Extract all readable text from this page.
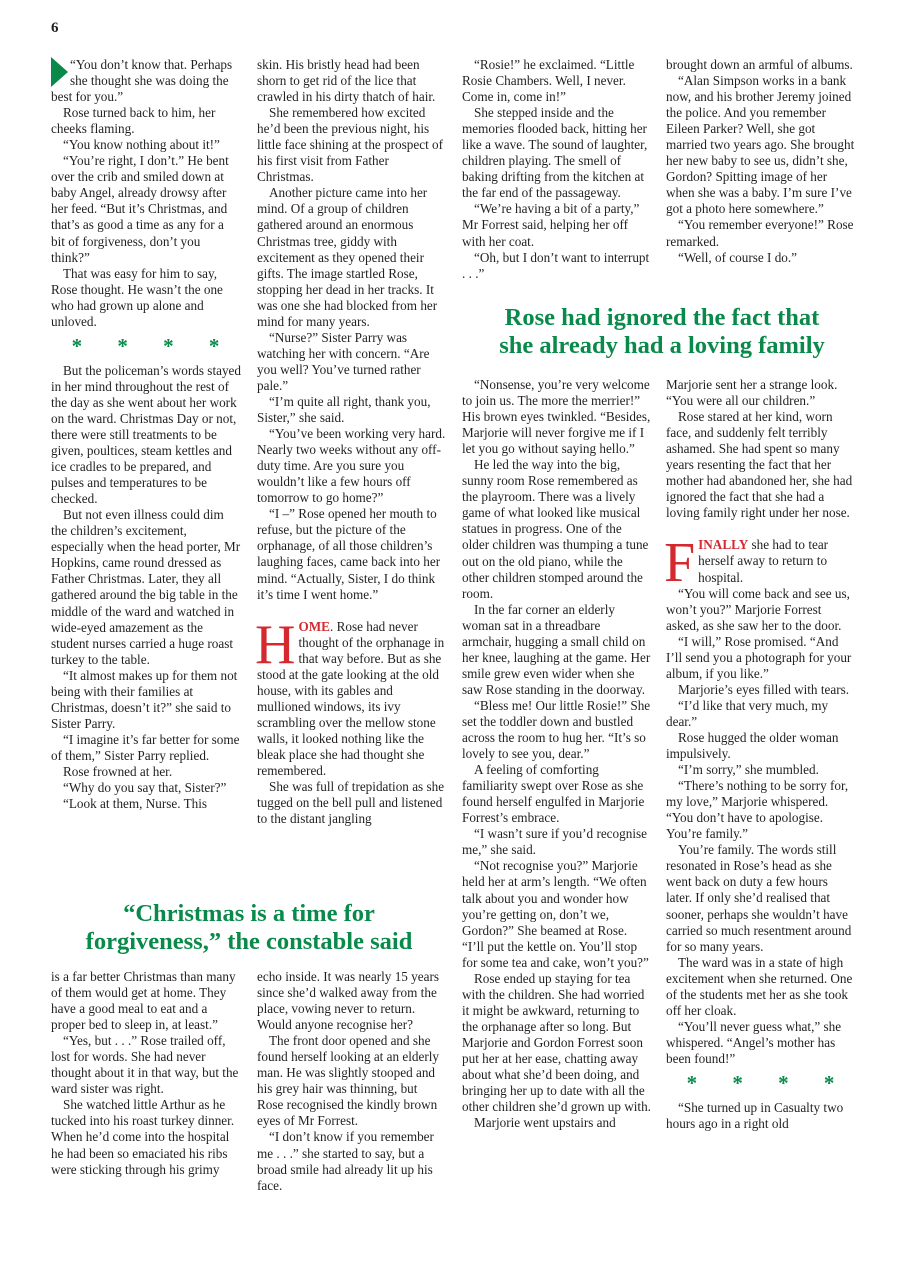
6

“You don’t know that. Perhaps she thought she was doing the best for you.”

Rose turned back to him, her cheeks flaming.

“You know nothing about it!”

“You’re right, I don’t.” He bent over the crib and smiled down at baby Angel, already drowsy after her feed. “But it’s Christmas, and that’s as good a time as any for a bit of forgiveness, don’t you think?”

That was easy for him to say, Rose thought. He wasn’t the one who had grown up alone and unloved.

* * * *

But the policeman’s words stayed in her mind throughout the rest of the day as she went about her work on the ward. Christmas Day or not, there were still treatments to be given, poultices, steam kettles and ice cradles to be prepared, and pulses and temperatures to be checked.

But not even illness could dim the children’s excitement, especially when the head porter, Mr Hopkins, came round dressed as Father Christmas. Later, they all gathered around the big table in the middle of the ward and watched in wide-eyed amazement as the student nurses carried a huge roast turkey to the table.

“It almost makes up for them not being with their families at Christmas, doesn’t it?” she said to Sister Parry.

“I imagine it’s far better for some of them,” Sister Parry replied.

Rose frowned at her.

“Why do you say that, Sister?”

“Look at them, Nurse. This

skin. His bristly head had been shorn to get rid of the lice that crawled in his dirty thatch of hair.

She remembered how excited he’d been the previous night, his little face shining at the prospect of his first visit from Father Christmas.

Another picture came into her mind. Of a group of children gathered around an enormous Christmas tree, giddy with excitement as they opened their gifts. The image startled Rose, stopping her dead in her tracks. It was one she had blocked from her mind for many years.

“Nurse?” Sister Parry was watching her with concern. “Are you well? You’ve turned rather pale.”

“I’m quite all right, thank you, Sister,” she said.

“You’ve been working very hard. Nearly two weeks without any off-duty time. Are you sure you wouldn’t like a few hours off tomorrow to go home?”

“I –” Rose opened her mouth to refuse, but the picture of the orphanage, of all those children’s laughing faces, came back into her mind. “Actually, Sister, I do think it’s time I went home.”

HOME. Rose had never thought of the orphanage in that way before. But as she stood at the gate looking at the old house, with its gables and mullioned windows, its ivy scrambling over the mellow stone walls, it looked nothing like the bleak place she had thought she remembered.

She was full of trepidation as she tugged on the bell pull and listened to the distant jangling

“Rosie!” he exclaimed. “Little Rosie Chambers. Well, I never. Come in, come in!”

She stepped inside and the memories flooded back, hitting her like a wave. The sound of laughter, children playing. The smell of baking drifting from the kitchen at the far end of the passageway.

“We’re having a bit of a party,” Mr Forrest said, helping her off with her coat.

“Oh, but I don’t want to interrupt . . .”

brought down an armful of albums.

“Alan Simpson works in a bank now, and his brother Jeremy joined the police. And you remember Eileen Parker? Well, she got married two years ago. She brought her new baby to see us, didn’t she, Gordon? Spitting image of her when she was a baby. I’m sure I’ve got a photo here somewhere.”

“You remember everyone!” Rose remarked.

“Well, of course I do.”

Rose had ignored the fact that
she already had a loving family

“Nonsense, you’re very welcome to join us. The more the merrier!” His brown eyes twinkled. “Besides, Marjorie will never forgive me if I let you go without saying hello.”

He led the way into the big, sunny room Rose remembered as the playroom. There was a lively game of what looked like musical statues in progress. One of the older children was thumping a tune out on the old piano, while the other children stomped around the room.

In the far corner an elderly woman sat in a threadbare armchair, hugging a small child on her knee, laughing at the game. Her smile grew even wider when she saw Rose standing in the doorway.

“Bless me! Our little Rosie!” She set the toddler down and bustled across the room to hug her. “It’s so lovely to see you, dear.”

A feeling of comforting familiarity swept over Rose as she found herself engulfed in Marjorie Forrest’s embrace.

“I wasn’t sure if you’d recognise me,” she said.

“Not recognise you?” Marjorie held her at arm’s length. “We often talk about you and wonder how you’re getting on, don’t we, Gordon?” She beamed at Rose. “I’ll put the kettle on. You’ll stop for some tea and cake, won’t you?”

Rose ended up staying for tea with the children. She had worried it might be awkward, returning to the orphanage after so long. But Marjorie and Gordon Forrest soon put her at her ease, chatting away about what she’d been doing, and bringing her up to date with all the other children she’d grown up with.

Marjorie went upstairs and

Marjorie sent her a strange look. “You were all our children.”

Rose stared at her kind, worn face, and suddenly felt terribly ashamed. She had spent so many years resenting the fact that her mother had abandoned her, she had ignored the fact that she had a loving family right under her nose.

FINALLY she had to tear herself away to return to hospital.

“You will come back and see us, won’t you?” Marjorie Forrest asked, as she saw her to the door.

“I will,” Rose promised. “And I’ll send you a photograph for your album, if you like.”

Marjorie’s eyes filled with tears.

“I’d like that very much, my dear.”

Rose hugged the older woman impulsively.

“I’m sorry,” she mumbled.

“There’s nothing to be sorry for, my love,” Marjorie whispered. “You don’t have to apologise. You’re family.”

You’re family. The words still resonated in Rose’s head as she went back on duty a few hours later. If only she’d realised that sooner, perhaps she wouldn’t have carried so much resentment around for so many years.

The ward was in a state of high excitement when she returned. One of the students met her as she took off her cloak.

“You’ll never guess what,” she whispered. “Angel’s mother has been found!”

* * * *

“She turned up in Casualty two hours ago in a right old

“Christmas is a time for
forgiveness,” the constable said

is a far better Christmas than many of them would get at home. They have a good meal to eat and a proper bed to sleep in, at least.”

“Yes, but . . .” Rose trailed off, lost for words. She had never thought about it in that way, but the ward sister was right.

She watched little Arthur as he tucked into his roast turkey dinner. When he’d come into the hospital he had been so emaciated his ribs were sticking through his grimy

echo inside. It was nearly 15 years since she’d walked away from the place, vowing never to return. Would anyone recognise her?

The front door opened and she found herself looking at an elderly man. He was slightly stooped and his grey hair was thinning, but Rose recognised the kindly brown eyes of Mr Forrest.

“I don’t know if you remember me . . .” she started to say, but a broad smile had already lit up his face.
